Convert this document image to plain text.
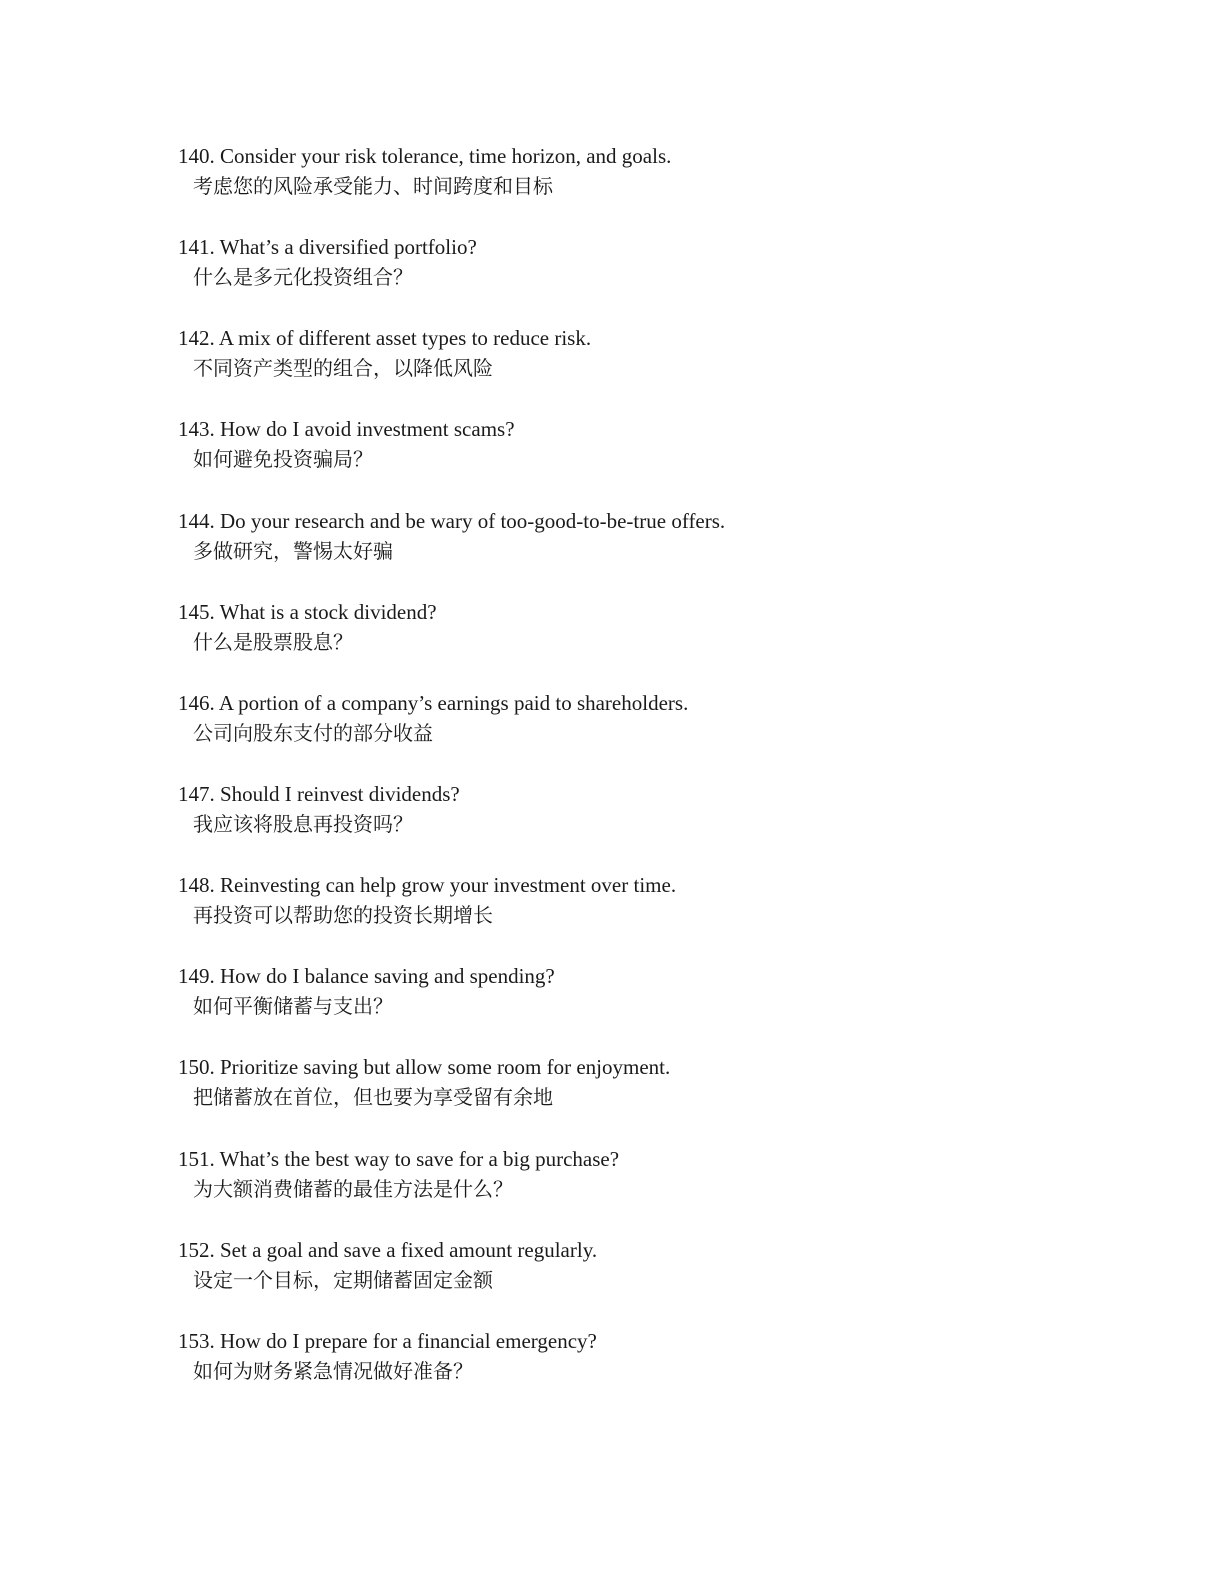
140. Consider your risk tolerance, time horizon, and goals.
考虑您的风险承受能力、时间跨度和目标
141. What’s a diversified portfolio?
什么是多元化投资组合？
142. A mix of different asset types to reduce risk.
不同资产类型的组合，以降低风险
143. How do I avoid investment scams?
如何避免投资骗局？
144. Do your research and be wary of too-good-to-be-true offers.
多做研究，警惕太好骗
145. What is a stock dividend?
什么是股票股息？
146. A portion of a company’s earnings paid to shareholders.
公司向股东支付的部分收益
147. Should I reinvest dividends?
我应该将股息再投资吗？
148. Reinvesting can help grow your investment over time.
再投资可以帮助您的投资长期增长
149. How do I balance saving and spending?
如何平衡储蓄与支出？
150. Prioritize saving but allow some room for enjoyment.
把储蓄放在首位，但也要为享受留有余地
151. What’s the best way to save for a big purchase?
为大额消费储蓄的最佳方法是什么？
152. Set a goal and save a fixed amount regularly.
设定一个目标，定期储蓄固定金额
153. How do I prepare for a financial emergency?
如何为财务紧急情况做好准备？
